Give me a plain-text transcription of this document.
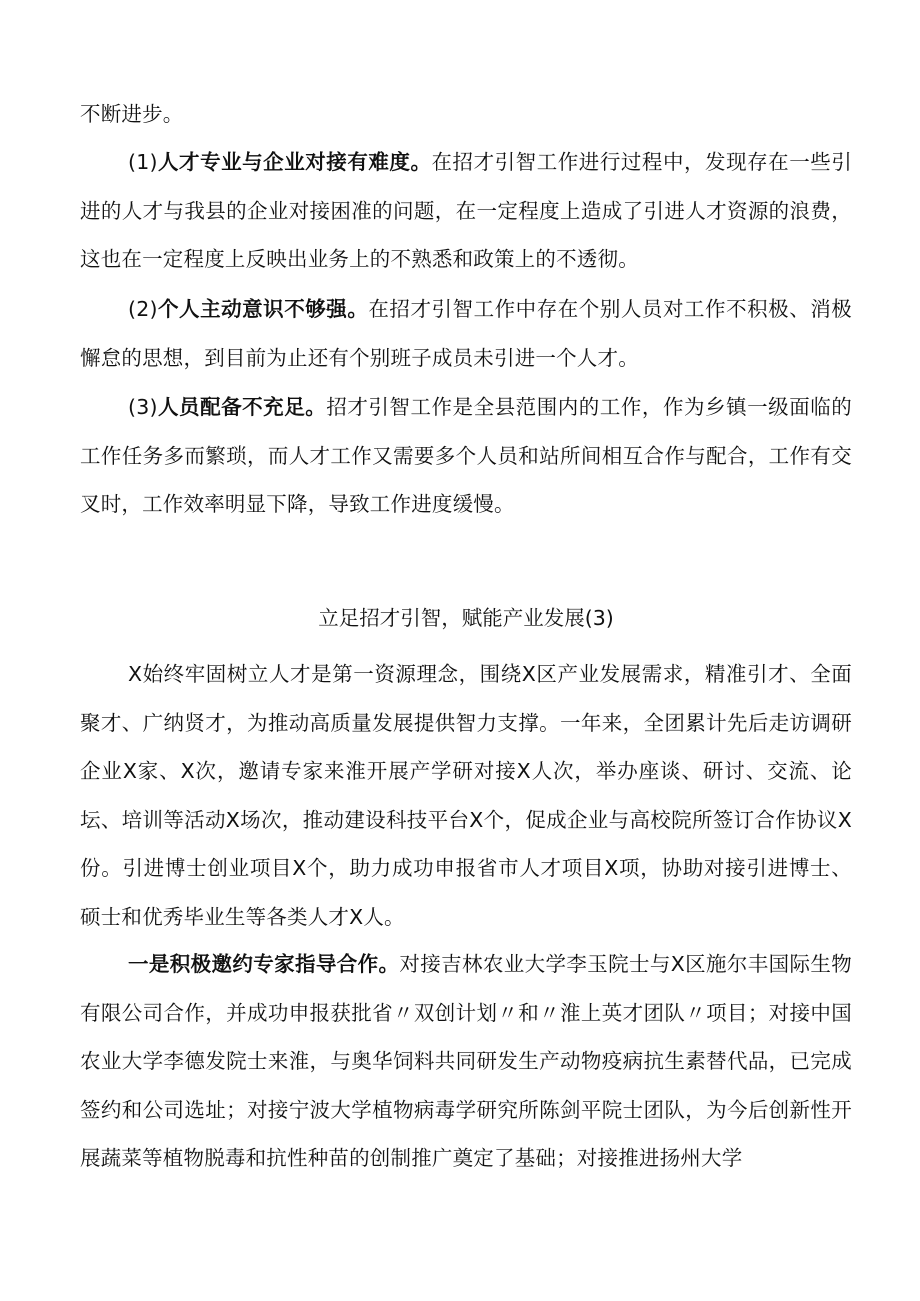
不断进步。

(1)人才专业与企业对接有难度。在招才引智工作进行过程中，发现存在一些引进的人才与我县的企业对接困准的问题，在一定程度上造成了引进人才资源的浪费，这也在一定程度上反映出业务上的不熟悉和政策上的不透彻。

(2)个人主动意识不够强。在招才引智工作中存在个别人员对工作不积极、消极懈怠的思想，到目前为止还有个别班子成员未引进一个人才。

(3)人员配备不充足。招才引智工作是全县范围内的工作，作为乡镇一级面临的工作任务多而繁琐，而人才工作又需要多个人员和站所间相互合作与配合，工作有交叉时，工作效率明显下降，导致工作进度缓慢。

立足招才引智，赋能产业发展(3)

X始终牢固树立人才是第一资源理念，围绕X区产业发展需求，精准引才、全面聚才、广纳贤才，为推动高质量发展提供智力支撑。一年来，全团累计先后走访调研企业X家、X次，邀请专家来淮开展产学研对接X人次，举办座谈、研讨、交流、论坛、培训等活动X场次，推动建设科技平台X个，促成企业与高校院所签订合作协议X份。引进博士创业项目X个，助力成功申报省市人才项目X项，协助对接引进博士、硕士和优秀毕业生等各类人才X人。

一是积极邀约专家指导合作。对接吉林农业大学李玉院士与X区施尔丰国际生物有限公司合作，并成功申报获批省〃双创计划〃和〃淮上英才团队〃项目；对接中国农业大学李德发院士来淮，与奥华饲料共同研发生产动物疫病抗生素替代品，已完成签约和公司选址；对接宁波大学植物病毒学研究所陈剑平院士团队，为今后创新性开展蔬菜等植物脱毒和抗性种苗的创制推广奠定了基础；对接推进扬州大学
